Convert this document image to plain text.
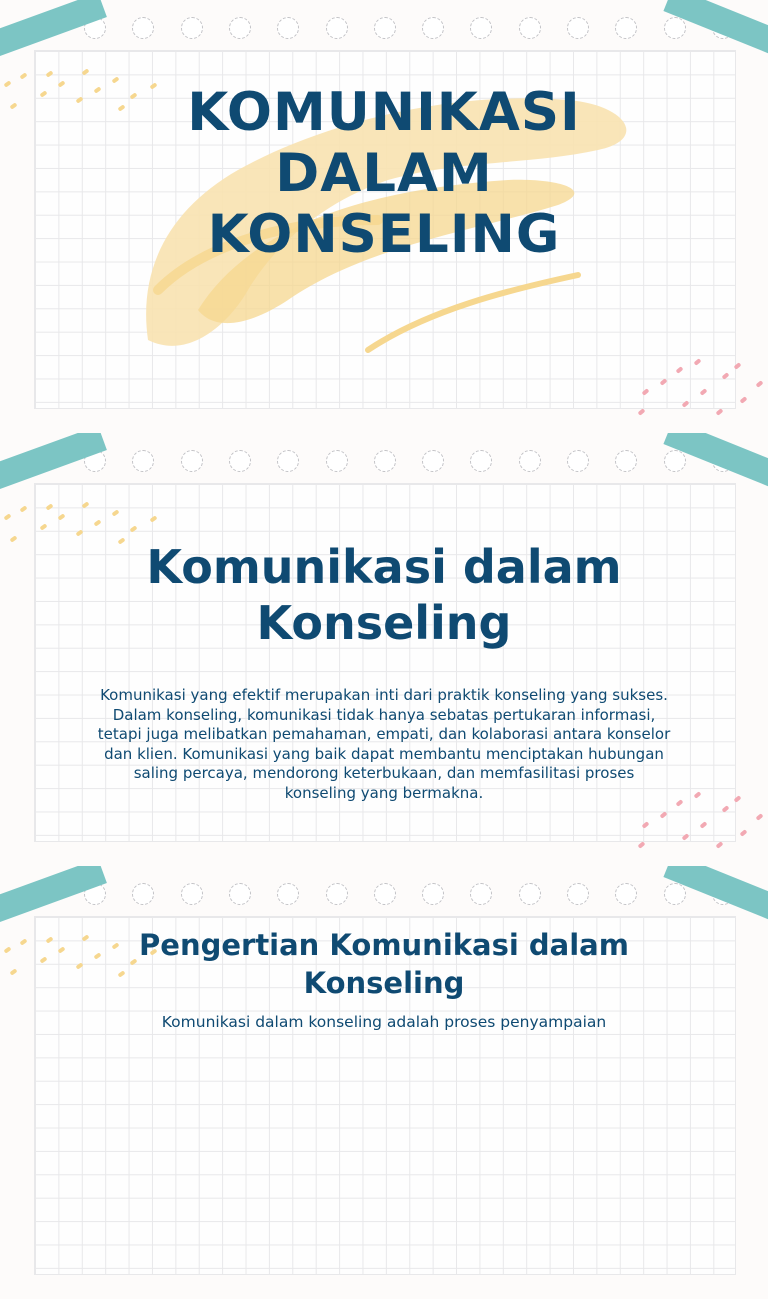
KOMUNIKASI
DALAM
KONSELING
Komunikasi dalam Konseling
Komunikasi yang efektif merupakan inti dari praktik konseling yang sukses. Dalam konseling, komunikasi tidak hanya sebatas pertukaran informasi, tetapi juga melibatkan pemahaman, empati, dan kolaborasi antara konselor dan klien. Komunikasi yang baik dapat membantu menciptakan hubungan saling percaya, mendorong keterbukaan, dan memfasilitasi proses konseling yang bermakna.
Pengertian Komunikasi dalam Konseling
Komunikasi dalam konseling adalah proses penyampaian
